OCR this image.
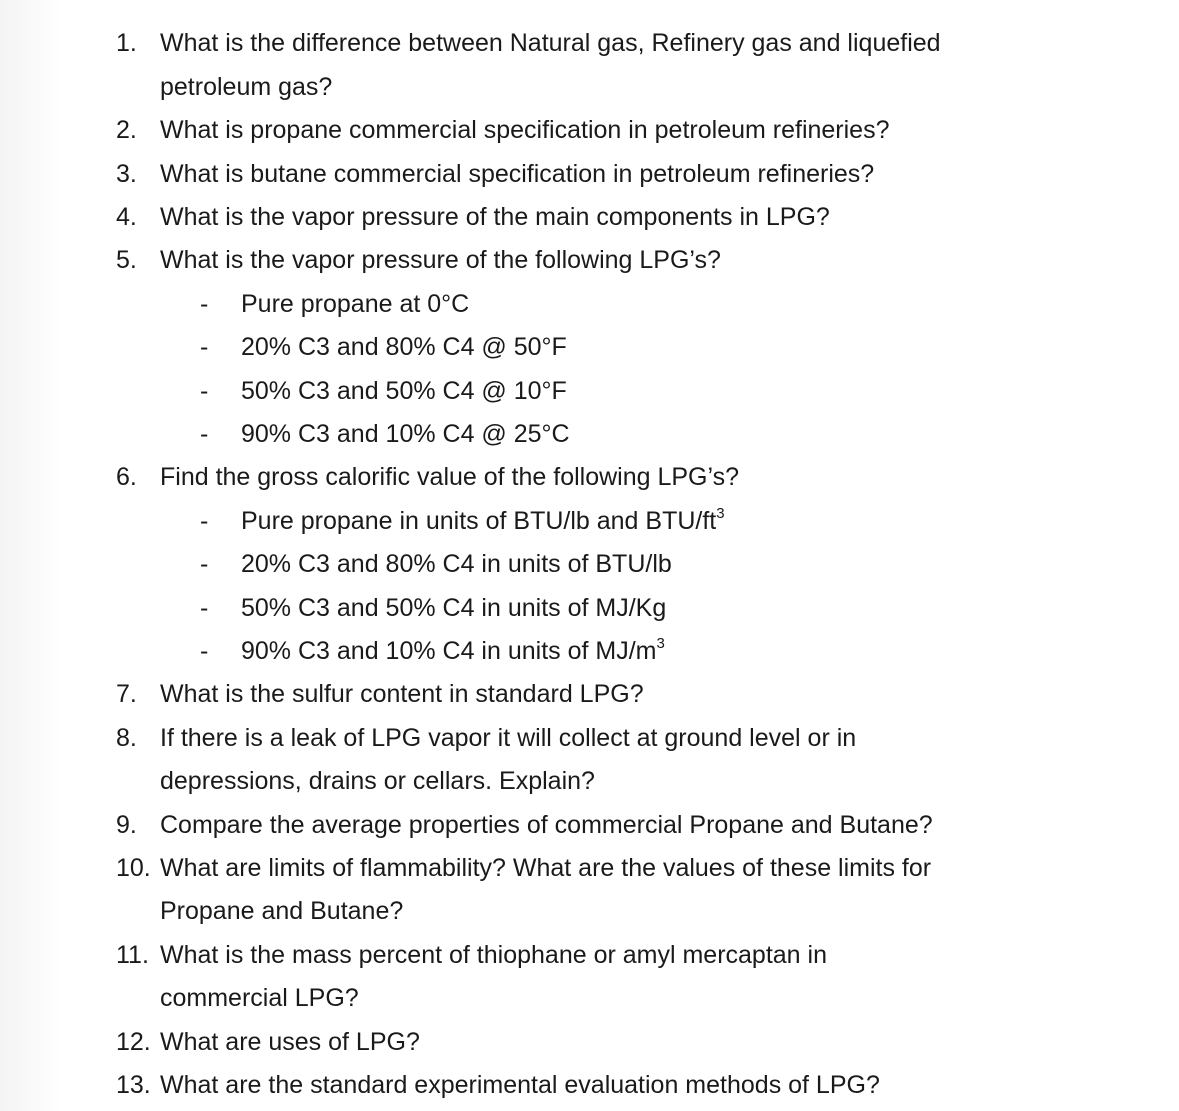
1. What is the difference between Natural gas, Refinery gas and liquefied
petroleum gas?
2. What is propane commercial specification in petroleum refineries?
3. What is butane commercial specification in petroleum refineries?
4. What is the vapor pressure of the main components in LPG?
5. What is the vapor pressure of the following LPG’s?
- Pure propane at 0°C
- 20% C3 and 80% C4 @ 50°F
- 50% C3 and 50% C4 @ 10°F
- 90% C3 and 10% C4 @ 25°C
6. Find the gross calorific value of the following LPG’s?
- Pure propane in units of BTU/lb and BTU/$ft^3$
- 20% C3 and 80% C4 in units of BTU/lb
- 50% C3 and 50% C4 in units of MJ/Kg
- 90% C3 and 10% C4 in units of $MJ/m^3$
7. What is the sulfur content in standard LPG?
8. If there is a leak of LPG vapor it will collect at ground level or in
depressions, drains or cellars. Explain?
9. Compare the average properties of commercial Propane and Butane?
10. What are limits of flammability? What are the values of these limits for
Propane and Butane?
11. What is the mass percent of thiophane or amyl mercaptan in
commercial LPG?
12. What are uses of LPG?
13. What are the standard experimental evaluation methods of LPG?
